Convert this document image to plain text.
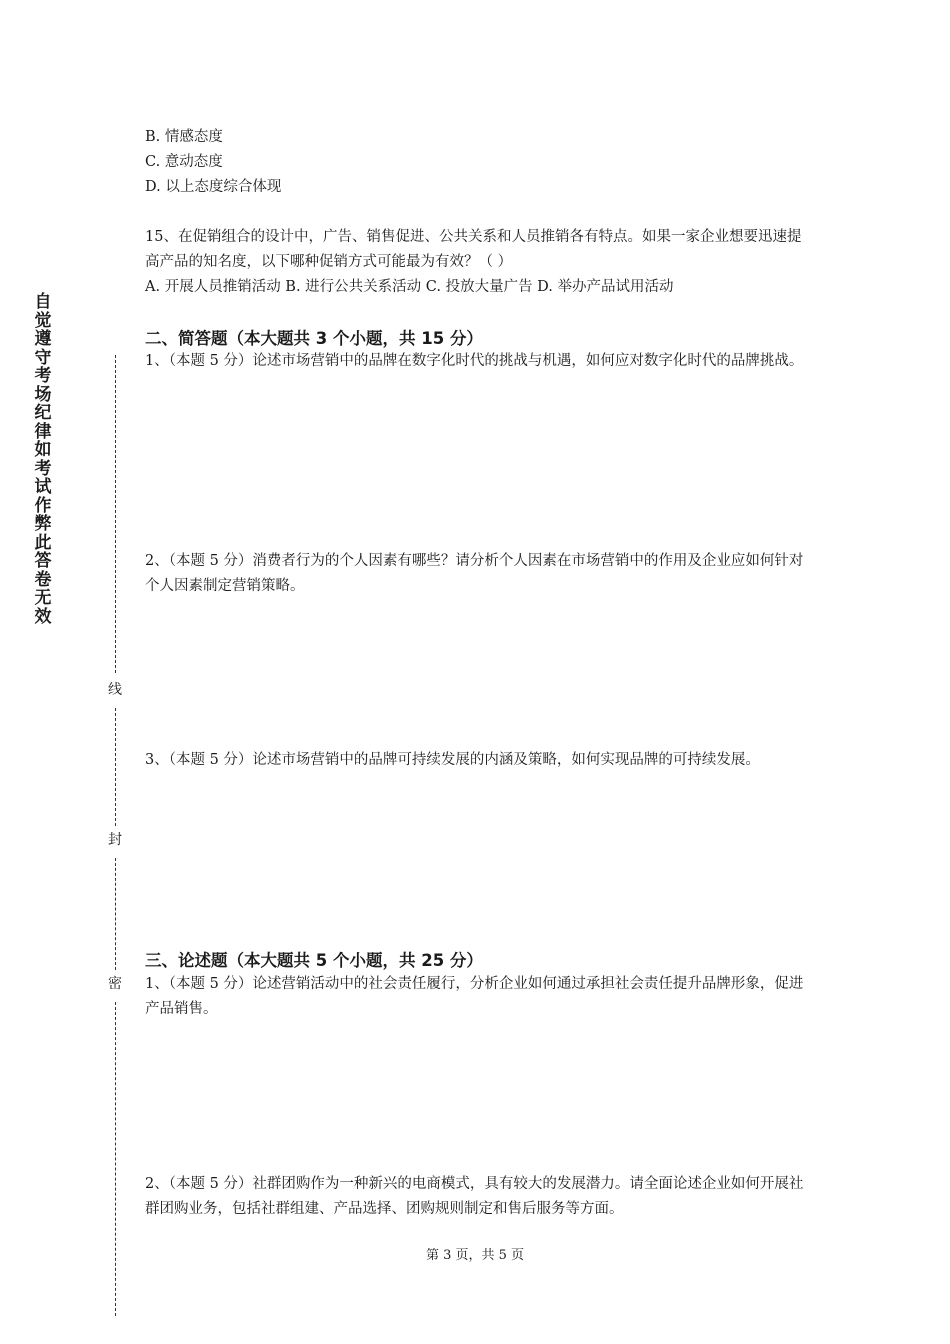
自觉遵守考场纪律如考试作弊此答卷无效
线
封
密
B. 情感态度
C. 意动态度
D. 以上态度综合体现
15、在促销组合的设计中，广告、销售促进、公共关系和人员推销各有特点。如果一家企业想要迅速提高产品的知名度，以下哪种促销方式可能最为有效？（ ）
A. 开展人员推销活动 B. 进行公共关系活动 C. 投放大量广告 D. 举办产品试用活动
二、简答题（本大题共 3 个小题，共 15 分）
1、（本题 5 分）论述市场营销中的品牌在数字化时代的挑战与机遇，如何应对数字化时代的品牌挑战。
2、（本题 5 分）消费者行为的个人因素有哪些？请分析个人因素在市场营销中的作用及企业应如何针对个人因素制定营销策略。
3、（本题 5 分）论述市场营销中的品牌可持续发展的内涵及策略，如何实现品牌的可持续发展。
三、论述题（本大题共 5 个小题，共 25 分）
1、（本题 5 分）论述营销活动中的社会责任履行，分析企业如何通过承担社会责任提升品牌形象，促进产品销售。
2、（本题 5 分）社群团购作为一种新兴的电商模式，具有较大的发展潜力。请全面论述企业如何开展社群团购业务，包括社群组建、产品选择、团购规则制定和售后服务等方面。
第 3 页，共 5 页
